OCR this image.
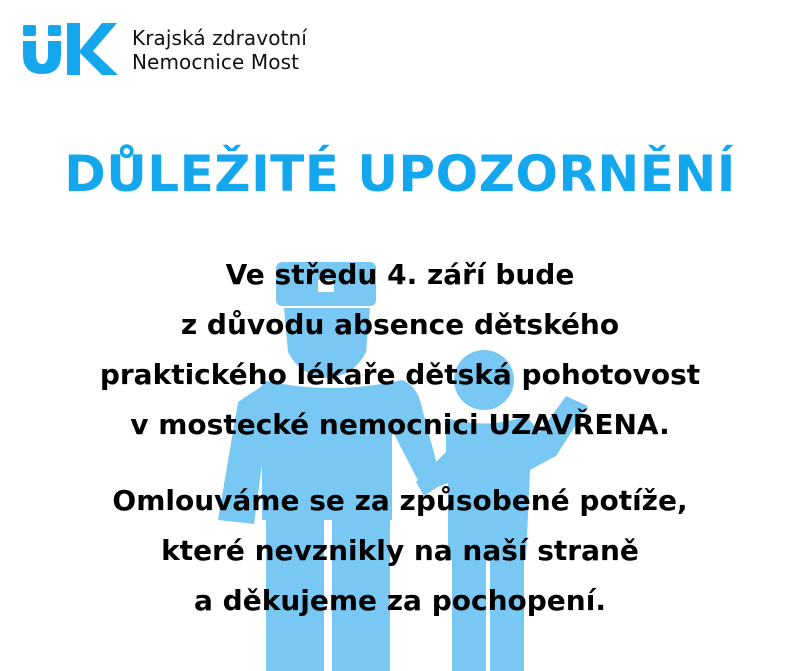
Krajská zdravotní
Nemocnice Most
DŮLEŽITÉ UPOZORNĚNÍ
Ve středu 4. září bude
z důvodu absence dětského
praktického lékaře dětská pohotovost
v mostecké nemocnici UZAVŘENA.
Omlouváme se za způsobené potíže,
které nevznikly na naší straně
a děkujeme za pochopení.
